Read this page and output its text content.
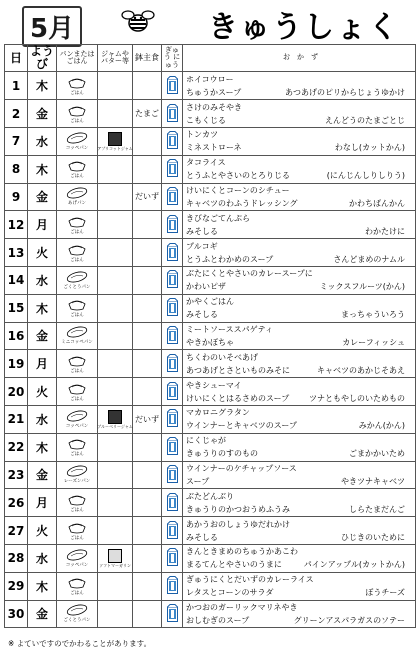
5月	きゅうしょく
日	ようび	パンまたは ごはん	ジャムや バター等	鉢主食	ぎゅう にゅう	お　か　ず
1	木	ごはん				ホイコウロー
ちゅうかスープ あつあげのピリからじょうゆかけ

2	金	ごはん		たまご		さけのみそやき
こもくじる えんどうのたまごとじ

7	水	コッペパン	アプリコットジャム			トンカツ
ミネストローネ わなし(カットかん)

8	木	ごはん				タコライス
とうふとやさいのとろりじる (にんじんしりしりう)

9	金	あげパン		だいず		けいにくとコーンのシチュー
キャベツのわふうドレッシング かわちばんかん

12	月	ごはん				きびなごてんぷら
みそしる わかたけに

13	火	ごはん				プルコギ
とうふとわかめのスープ さんどまめのナムル

14	水	ごくとうパン				ぶたにくとやさいのカレースープに
かわいピザ ミックスフルーツ(かん)

15	木	ごはん				かやくごはん
みそしる まっちゃういろう

16	金	ミニコッペパン				ミートソーススパゲティ
やきかぼちゃ カレーフィッシュ

19	月	ごはん				ちくわのいそべあげ
あつあげとさといものみそに キャベツのあかじそあえ

20	火	ごはん				やきシューマイ
けいにくとはるさめのスープ ツナともやしのいためもの

21	水	コッペパン	ブルーベリージャム	だいず		マカロニグラタン
ウインナーとキャベツのスープ みかん(かん)

22	木	ごはん				にくじゃが
きゅうりのすのもの ごまかかいため

23	金	レーズンパン				ウインナーのケチャップソース
スープ やきツナキャベツ

26	月	ごはん				ぶたどんぶり
きゅうりのかつおうめふうみ しらたまだんご

27	火	ごはん				あかうおのしょうゆだれかけ
みそしる ひじきのいために

28	水	コッペパン	ソフトマーガリン			きんときまめのちゅうかあこわ
まるてんとやさいのうまに パインアップル(カットかん)

29	木	ごはん				ぎゅうにくとだいずのカレーライス
レタスとコーンのサラダ ぼうチーズ

30	金	ごくとうパン				かつおのガーリックマリネやき
おしむぎのスープ グリーンアスパラガスのソテー
※ よていですのでかわることがあります。
